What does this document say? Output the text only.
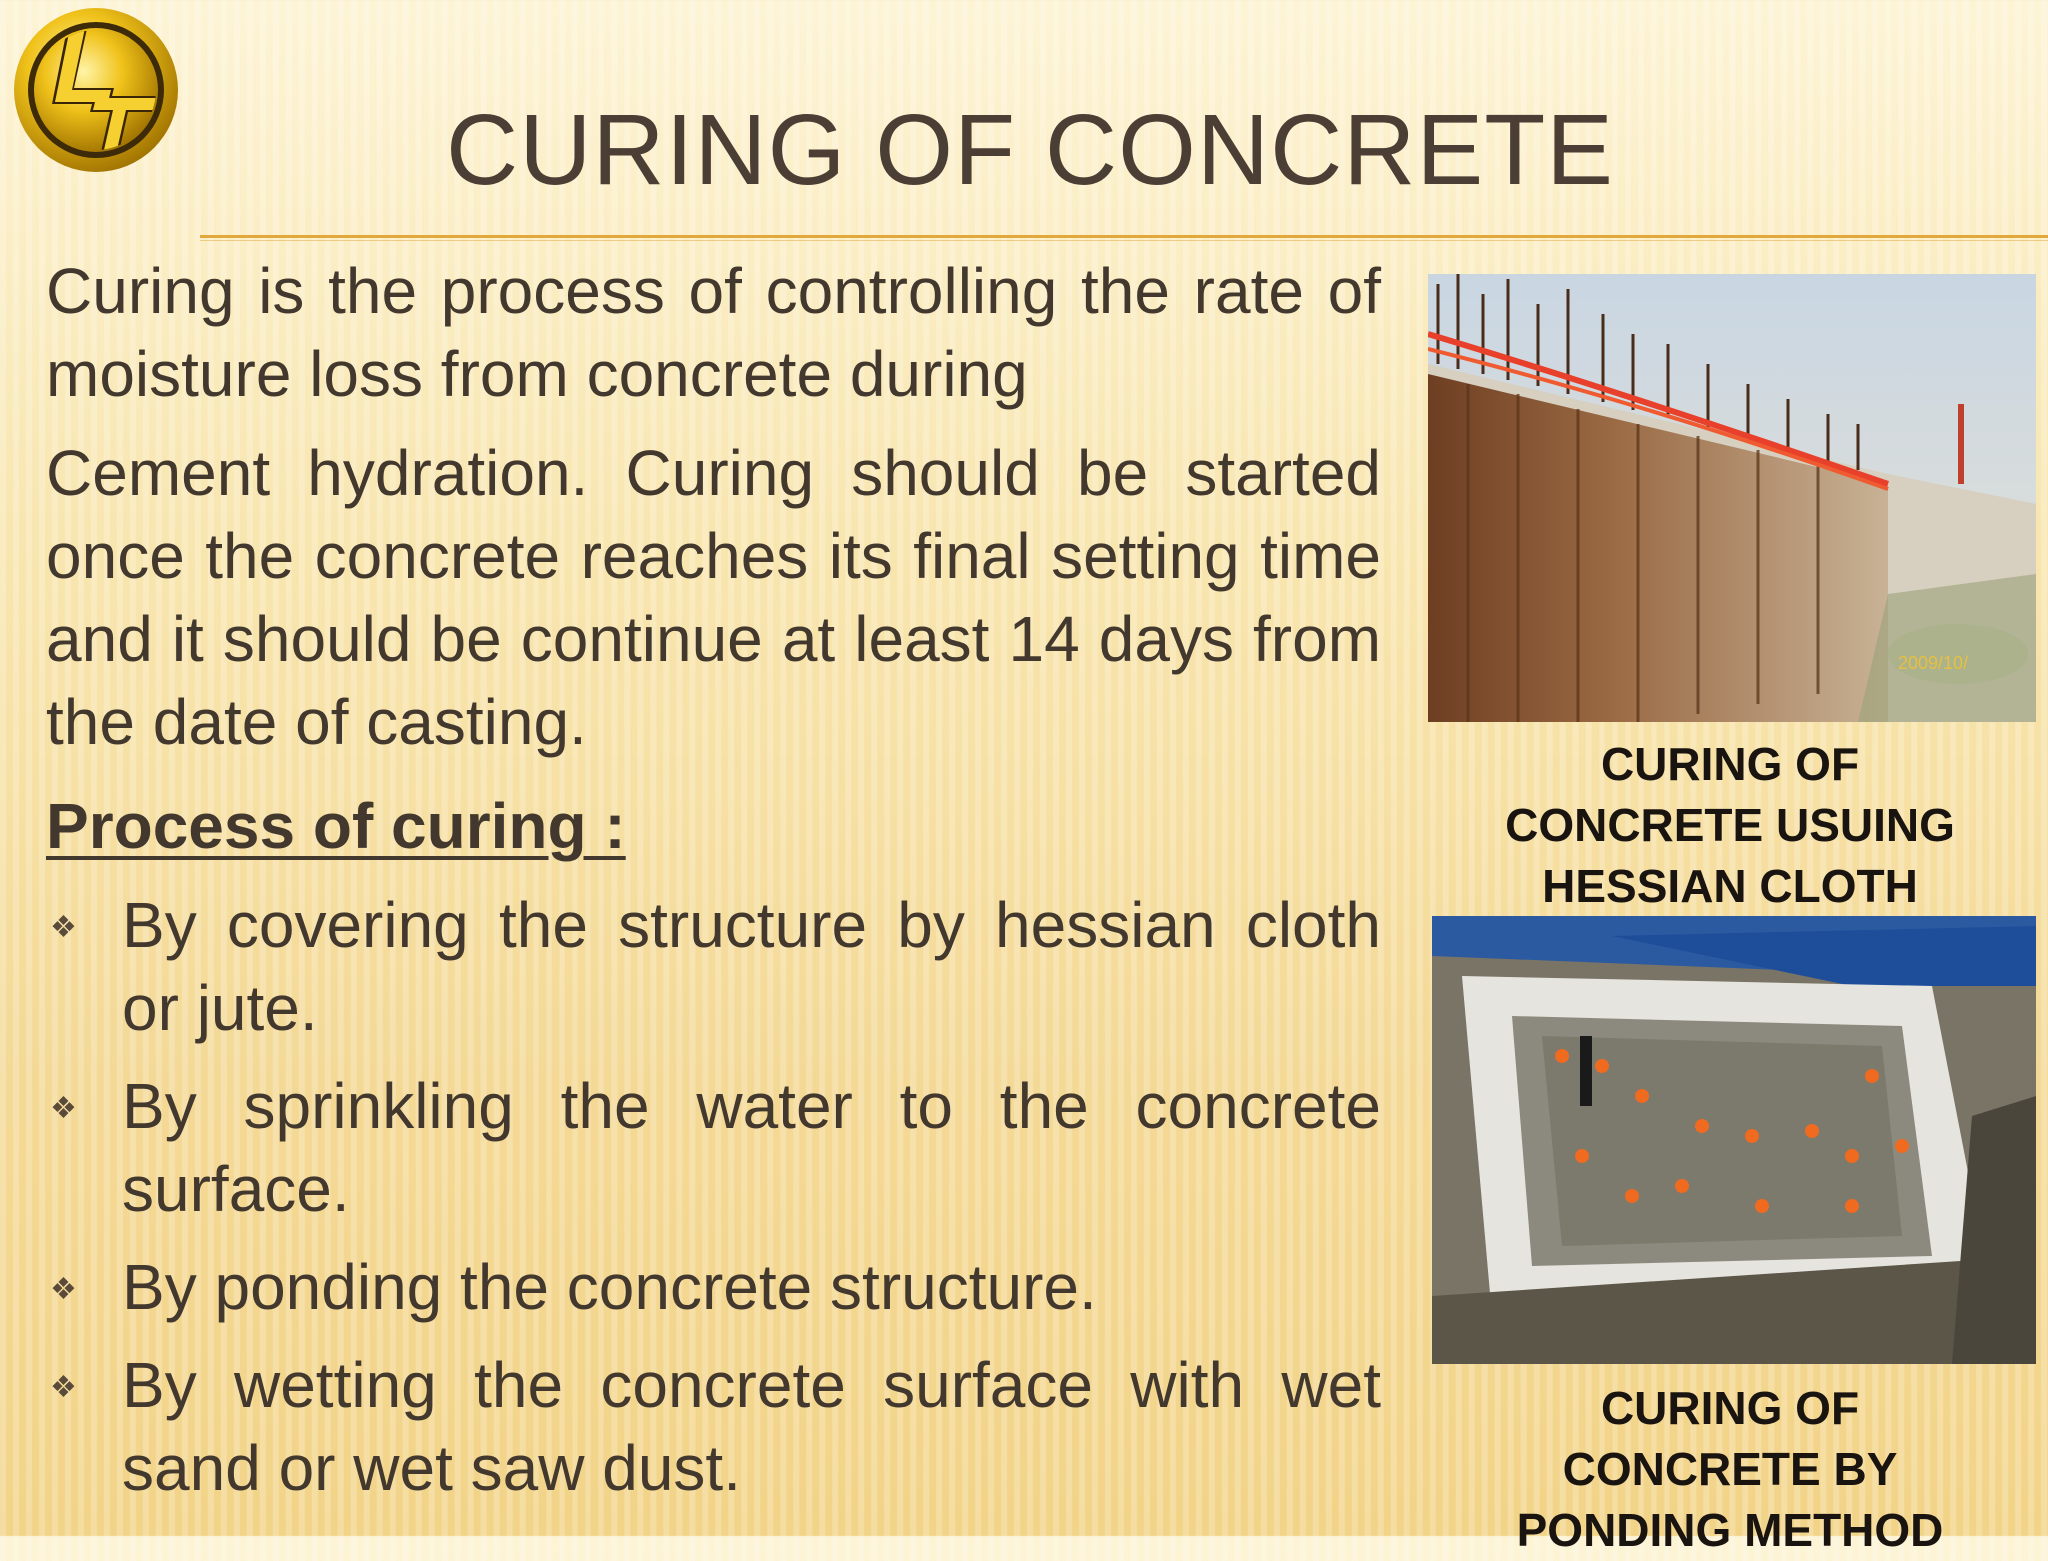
CURING OF CONCRETE

Curing is the process of controlling the rate of moisture loss from concrete during

Cement hydration. Curing should be started once the concrete reaches its final setting time and it should be continue at least 14 days from the date of casting.

Process of curing :

❖ By covering the structure by hessian cloth or jute.
❖ By sprinkling the water to the concrete surface.
❖ By ponding the concrete structure.
❖ By wetting the concrete surface with wet sand or wet saw dust.
2009/10/
CURING OF
CONCRETE USUING
HESSIAN CLOTH
CURING OF
CONCRETE BY
PONDING METHOD
